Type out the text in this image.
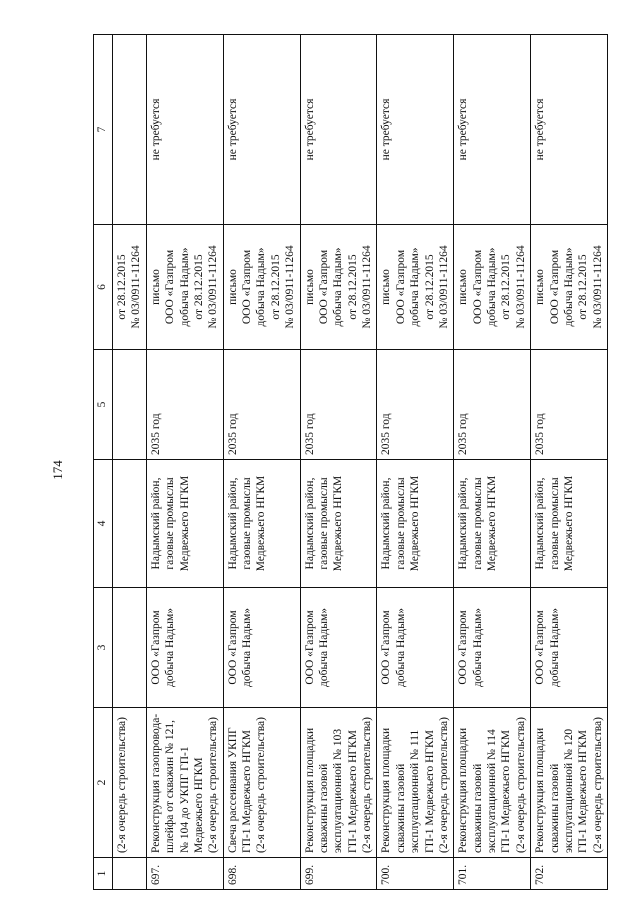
174
1	2	3	4	5	6	7

	(2-я очередь строительства)				от 28.12.2015 № 03/0911-11264	

697.	Реконструкция газопровода- шлейфа от скважин № 121, № 104 до УКПГ ГП-1 Медвежьего НГКМ (2-я очередь строительства)	ООО «Газпром добыча Надым»	Надымский район, газовые промыслы Медвежьего НГКМ	2035 год	письмо ООО «Газпром добыча Надым» от 28.12.2015 № 03/0911-11264	не требуется

698.	Свеча рассеивания УКПГ ГП-1 Медвежьего НГКМ (2-я очередь строительства)	ООО «Газпром добыча Надым»	Надымский район, газовые промыслы Медвежьего НГКМ	2035 год	письмо ООО «Газпром добыча Надым» от 28.12.2015 № 03/0911-11264	не требуется

699.	Реконструкция площадки скважины газовой эксплуатационной № 103 ГП-1 Медвежьего НГКМ (2-я очередь строительства)	ООО «Газпром добыча Надым»	Надымский район, газовые промыслы Медвежьего НГКМ	2035 год	письмо ООО «Газпром добыча Надым» от 28.12.2015 № 03/0911-11264	не требуется

700.	Реконструкция площадки скважины газовой эксплуатационной № 111 ГП-1 Медвежьего НГКМ (2-я очередь строительства)	ООО «Газпром добыча Надым»	Надымский район, газовые промыслы Медвежьего НГКМ	2035 год	письмо ООО «Газпром добыча Надым» от 28.12.2015 № 03/0911-11264	не требуется

701.	Реконструкция площадки скважины газовой эксплуатационной № 114 ГП-1 Медвежьего НГКМ (2-я очередь строительства)	ООО «Газпром добыча Надым»	Надымский район, газовые промыслы Медвежьего НГКМ	2035 год	письмо ООО «Газпром добыча Надым» от 28.12.2015 № 03/0911-11264	не требуется

702.	Реконструкция площадки скважины газовой эксплуатационной № 120 ГП-1 Медвежьего НГКМ (2-я очередь строительства)	ООО «Газпром добыча Надым»	Надымский район, газовые промыслы Медвежьего НГКМ	2035 год	письмо ООО «Газпром добыча Надым» от 28.12.2015 № 03/0911-11264	не требуется
